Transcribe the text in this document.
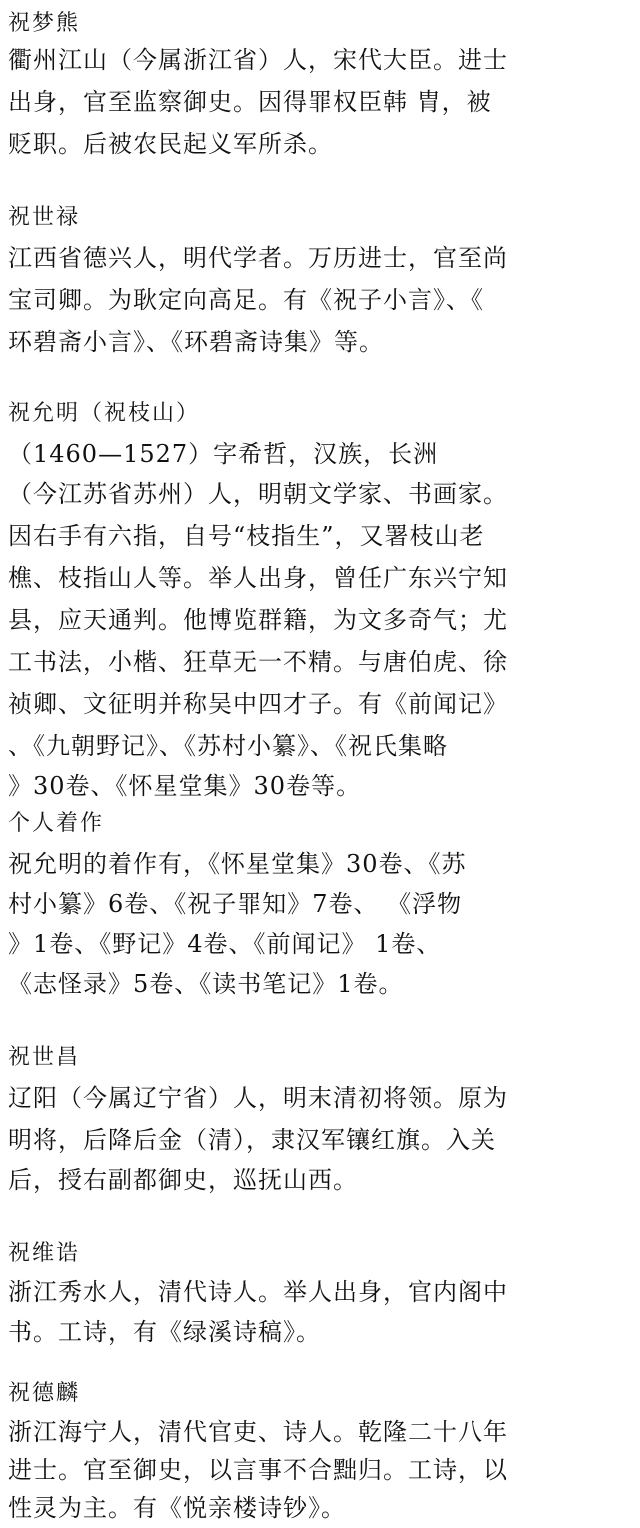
祝梦熊
衢州江山（今属浙江省）人，宋代大臣。进士
出身，官至监察御史。因得罪权臣韩 胄，被
贬职。后被农民起义军所杀。
祝世禄
江西省德兴人，明代学者。万历进士，官至尚
宝司卿。为耿定向高足。有《祝子小言》、《
环碧斋小言》、《环碧斋诗集》等。
祝允明（祝枝山）
（1460—1527）字希哲，汉族，长洲
（今江苏省苏州）人，明朝文学家、书画家。
因右手有六指，自号“枝指生”，又署枝山老
樵、枝指山人等。举人出身，曾任广东兴宁知
县，应天通判。他博览群籍，为文多奇气；尤
工书法，小楷、狂草无一不精。与唐伯虎、徐
祯卿、文征明并称吴中四才子。有《前闻记》
、《九朝野记》、《苏村小纂》、《祝氏集略
》30卷、《怀星堂集》30卷等。
个人着作
祝允明的着作有，《怀星堂集》30卷、《苏
村小纂》6卷、《祝子罪知》7卷、 《浮物
》1卷、《野记》4卷、《前闻记》 1卷、
《志怪录》5卷、《读书笔记》1卷。
祝世昌
辽阳（今属辽宁省）人，明末清初将领。原为
明将，后降后金（清），隶汉军镶红旗。入关
后，授右副都御史，巡抚山西。
祝维诰
浙江秀水人，清代诗人。举人出身，官内阁中
书。工诗，有《绿溪诗稿》。
祝德麟
浙江海宁人，清代官吏、诗人。乾隆二十八年
进士。官至御史，以言事不合黜归。工诗，以
性灵为主。有《悦亲楼诗钞》。
